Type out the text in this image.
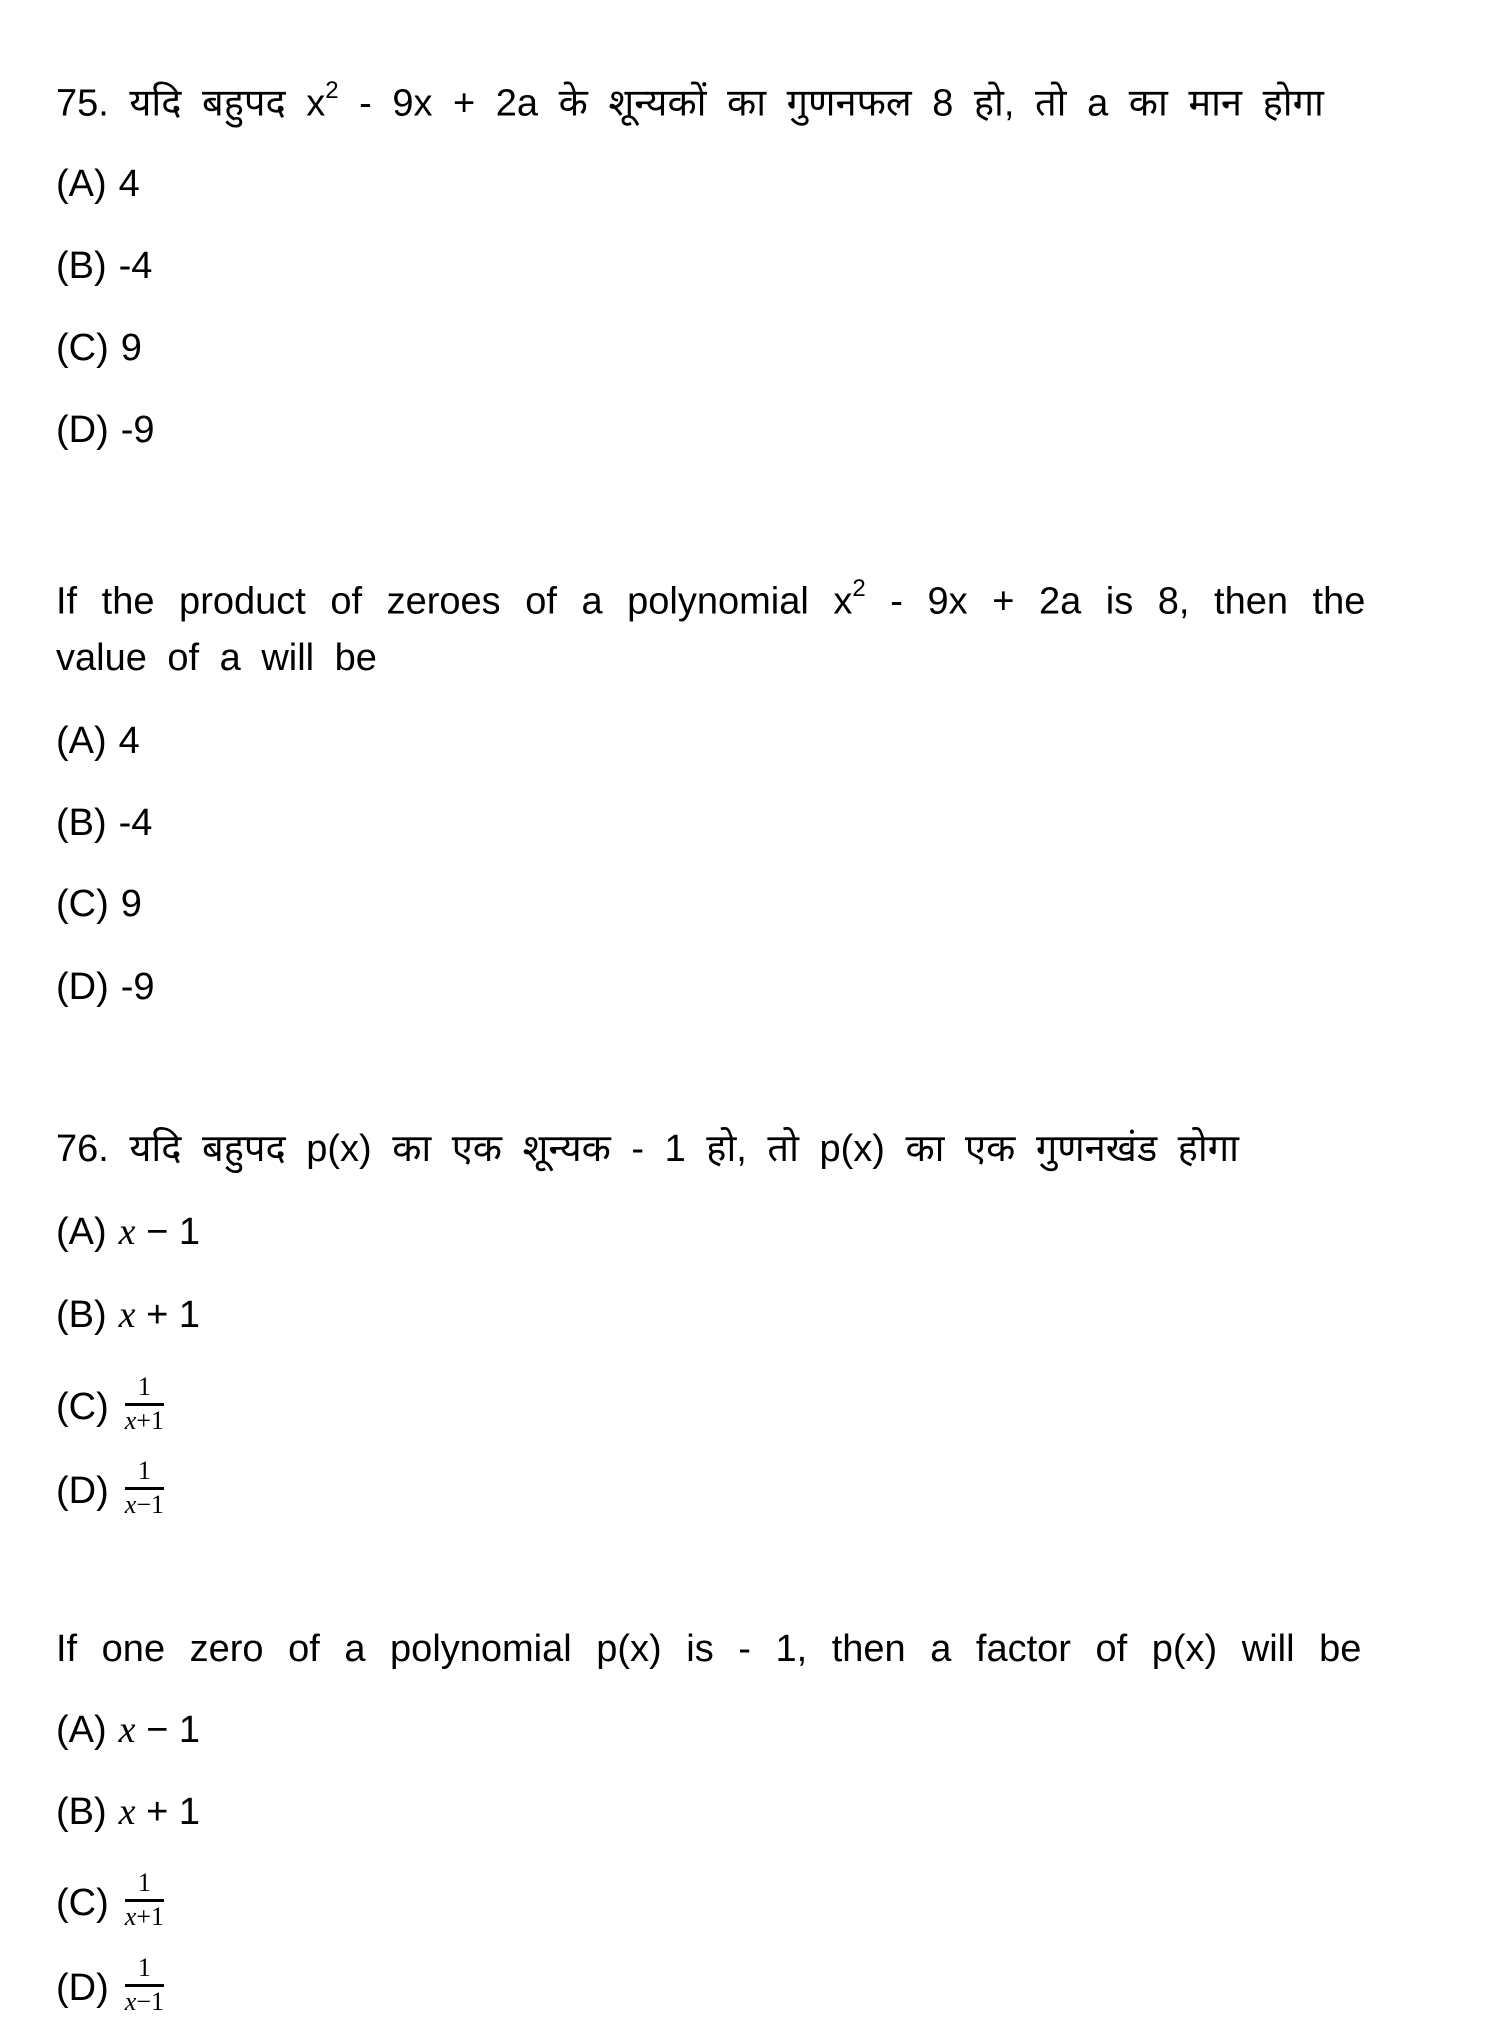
75. यदि बहुपद $x^2 - 9x + 2a$ के शून्यकों का गुणनफल 8 हो, तो a का मान होगा
(A) 4
(B) -4
(C) 9
(D) -9
If the product of zeroes of a polynomial $x^2 - 9x + 2a$ is 8, then the
value of a will be
(A) 4
(B) -4
(C) 9
(D) -9
76. यदि बहुपद p(x) का एक शून्यक - 1 हो, तो p(x) का एक गुणनखंड होगा
(A) x − 1
(B) x + 1
$(C) \frac{1}{x+1}$
$(D) \frac{1}{x-1}$
If one zero of a polynomial p(x) is - 1, then a factor of p(x) will be
(A) x − 1
(B) x + 1
$(C) \frac{1}{x+1}$
$(D) \frac{1}{x-1}$
